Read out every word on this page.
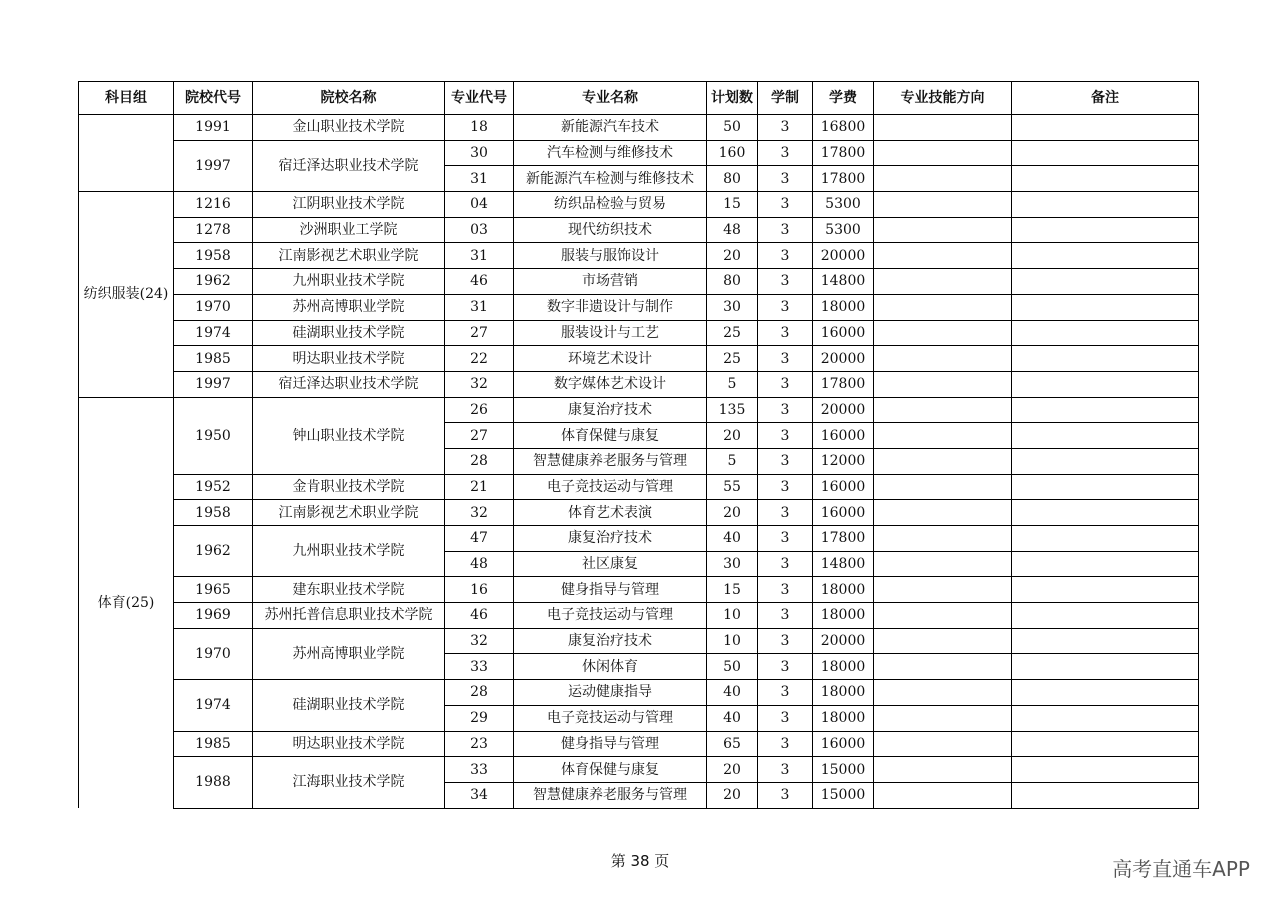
科目组	院校代号	院校名称	专业代号	专业名称	计划数	学制	学费	专业技能方向	备注
	1991	金山职业技术学院	18	新能源汽车技术	50	3	16800		
	1997	宿迁泽达职业技术学院	30	汽车检测与维修技术	160	3	17800		
			31	新能源汽车检测与维修技术	80	3	17800		
纺织服装(24)	1216	江阴职业技术学院	04	纺织品检验与贸易	15	3	5300		
	1278	沙洲职业工学院	03	现代纺织技术	48	3	5300		
	1958	江南影视艺术职业学院	31	服装与服饰设计	20	3	20000		
	1962	九州职业技术学院	46	市场营销	80	3	14800		
	1970	苏州高博职业学院	31	数字非遗设计与制作	30	3	18000		
	1974	硅湖职业技术学院	27	服装设计与工艺	25	3	16000		
	1985	明达职业技术学院	22	环境艺术设计	25	3	20000		
	1997	宿迁泽达职业技术学院	32	数字媒体艺术设计	5	3	17800		
体育(25)	1950	钟山职业技术学院	26	康复治疗技术	135	3	20000		
			27	体育保健与康复	20	3	16000		
			28	智慧健康养老服务与管理	5	3	12000		
	1952	金肯职业技术学院	21	电子竞技运动与管理	55	3	16000		
	1958	江南影视艺术职业学院	32	体育艺术表演	20	3	16000		
	1962	九州职业技术学院	47	康复治疗技术	40	3	17800		
			48	社区康复	30	3	14800		
	1965	建东职业技术学院	16	健身指导与管理	15	3	18000		
	1969	苏州托普信息职业技术学院	46	电子竞技运动与管理	10	3	18000		
	1970	苏州高博职业学院	32	康复治疗技术	10	3	20000		
			33	休闲体育	50	3	18000		
	1974	硅湖职业技术学院	28	运动健康指导	40	3	18000		
			29	电子竞技运动与管理	40	3	18000		
	1985	明达职业技术学院	23	健身指导与管理	65	3	16000		
	1988	江海职业技术学院	33	体育保健与康复	20	3	15000		
			34	智慧健康养老服务与管理	20	3	15000		
第 38 页	高考直通车APP
